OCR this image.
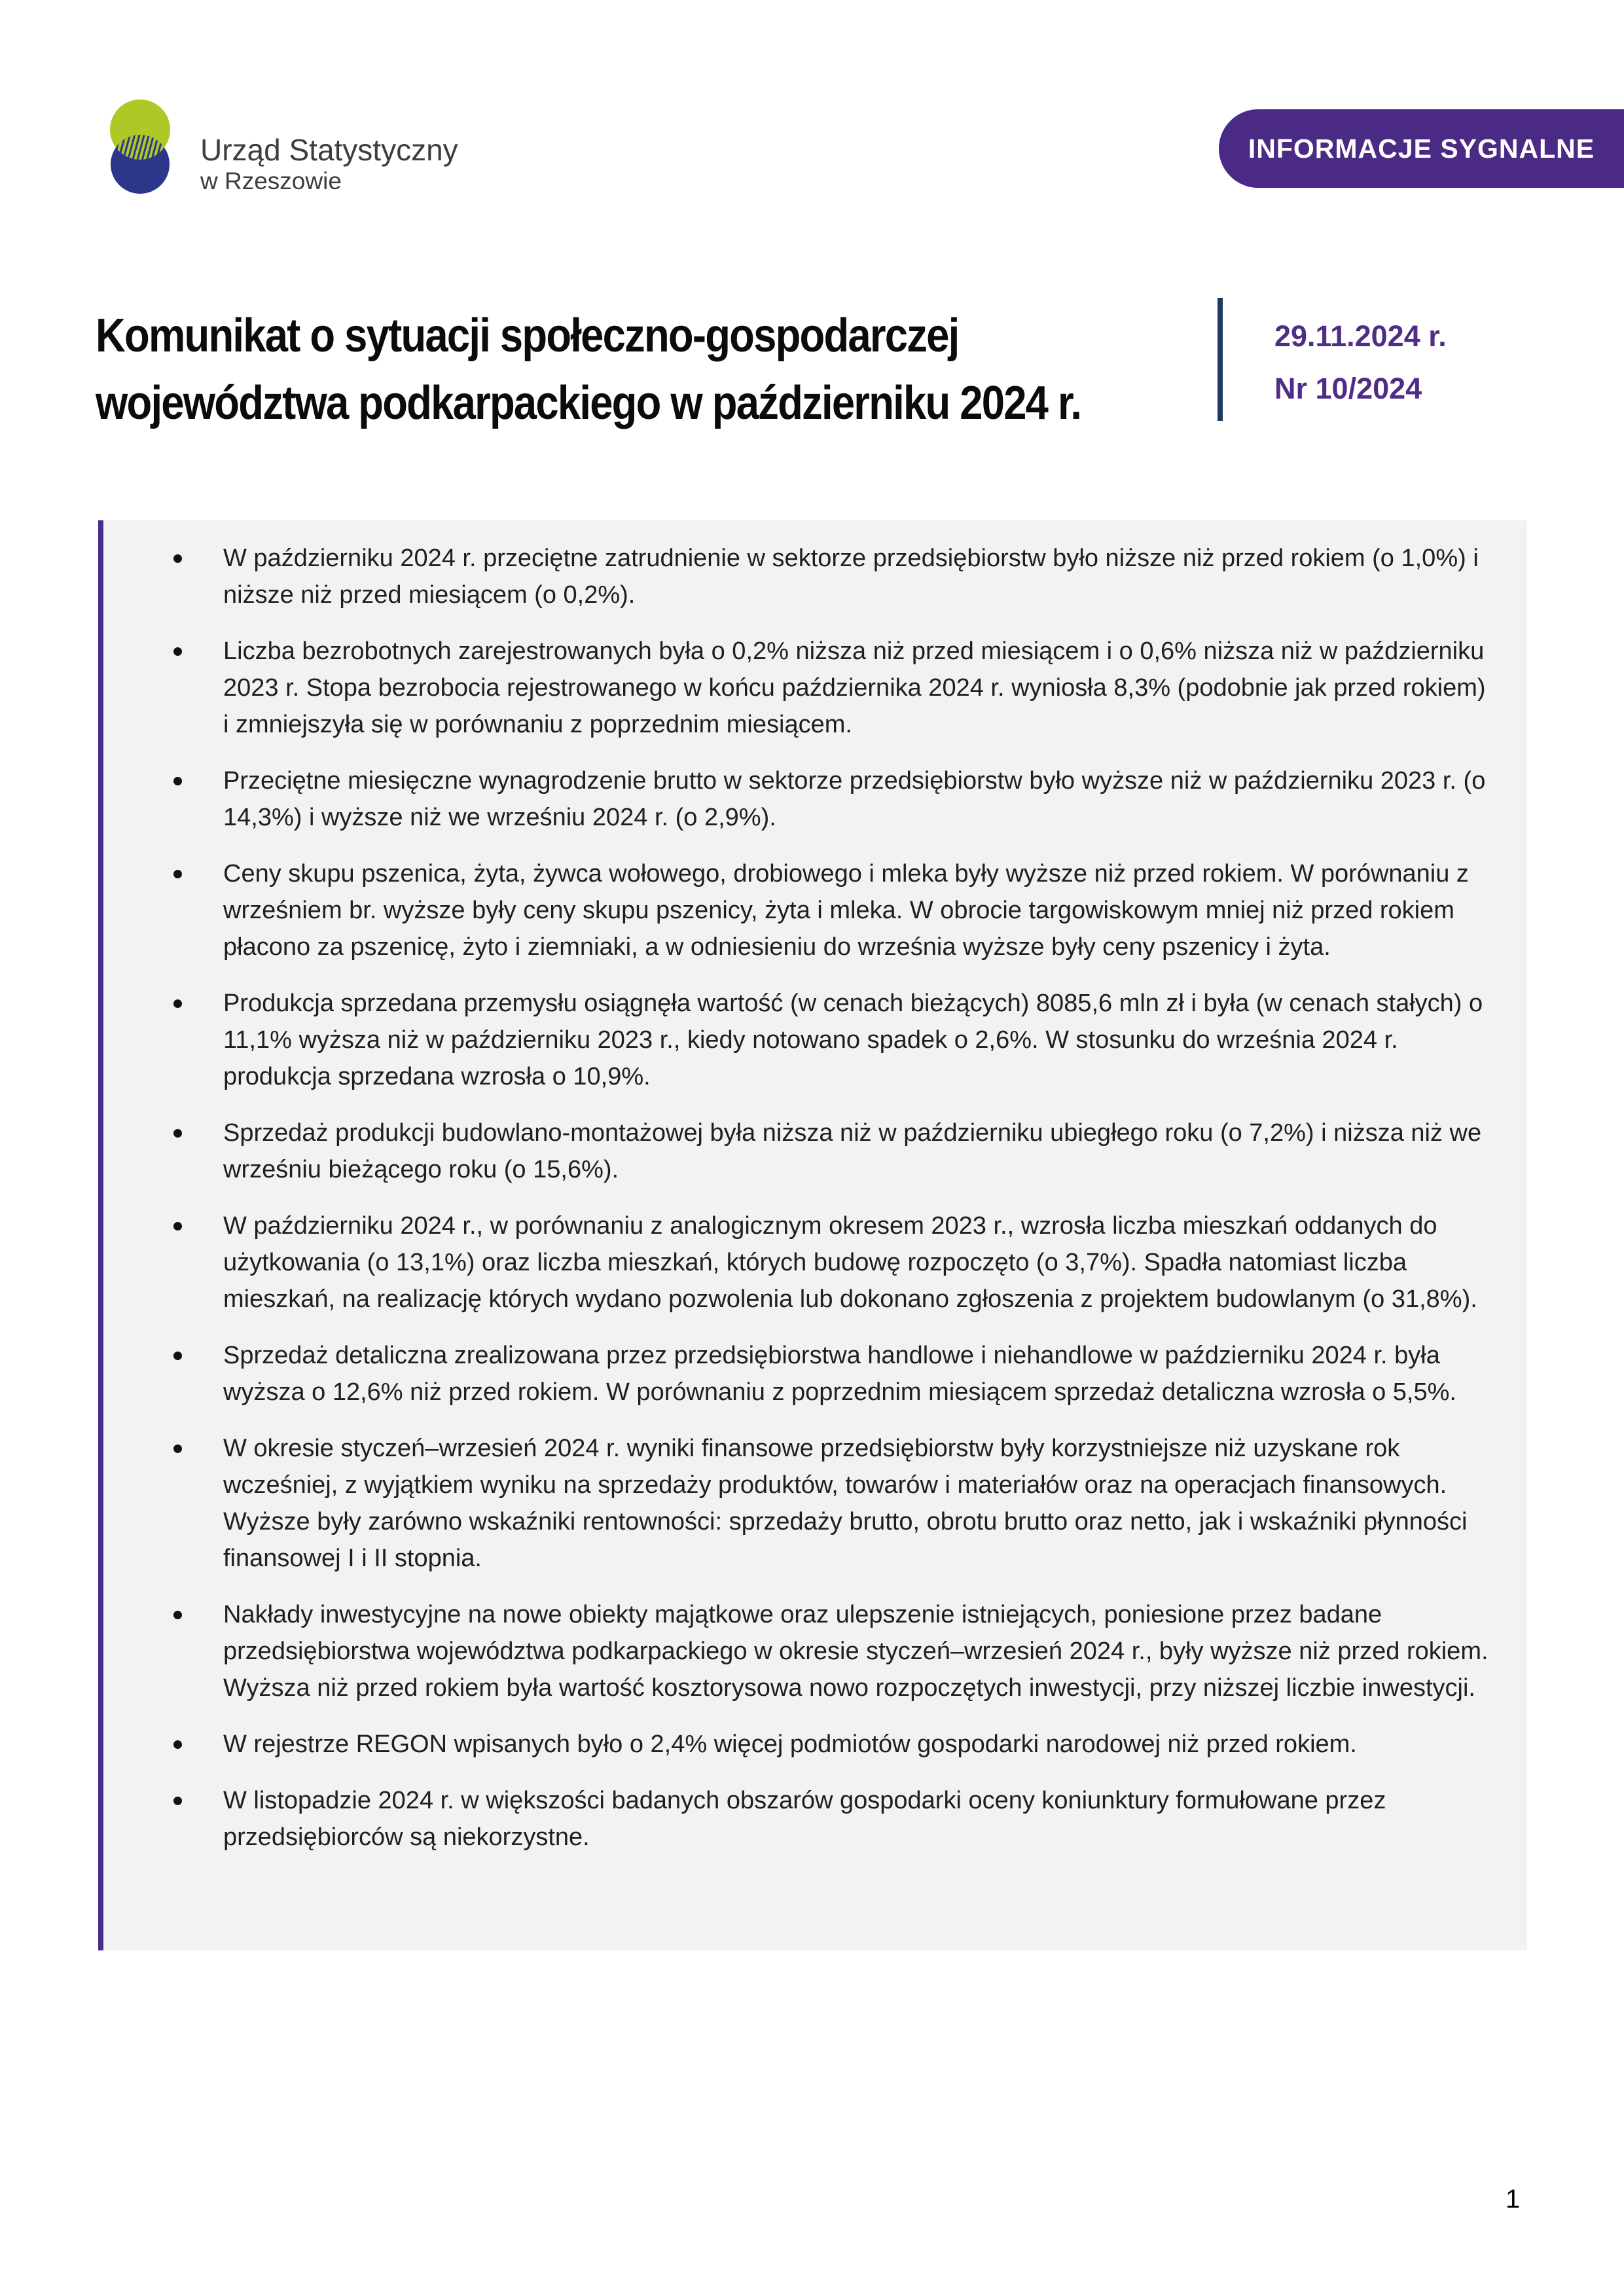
Urząd Statystyczny
w Rzeszowie
INFORMACJE SYGNALNE
Komunikat o sytuacji społeczno-gospodarczej województwa podkarpackiego w październiku 2024 r.
29.11.2024 r.
Nr 10/2024
W październiku 2024 r. przeciętne zatrudnienie w sektorze przedsiębiorstw było niższe niż przed rokiem (o 1,0%) i niższe niż przed miesiącem (o 0,2%).
Liczba bezrobotnych zarejestrowanych była o 0,2% niższa niż przed miesiącem i o 0,6% niższa niż w październiku 2023 r. Stopa bezrobocia rejestrowanego w końcu października 2024 r. wyniosła 8,3% (podobnie jak przed rokiem) i zmniejszyła się w porównaniu z poprzednim miesiącem.
Przeciętne miesięczne wynagrodzenie brutto w sektorze przedsiębiorstw było wyższe niż w październiku 2023 r. (o 14,3%) i wyższe niż we wrześniu 2024 r. (o 2,9%).
Ceny skupu pszenica, żyta, żywca wołowego, drobiowego i mleka były wyższe niż przed rokiem. W porównaniu z wrześniem br. wyższe były ceny skupu pszenicy, żyta i mleka. W obrocie targowiskowym mniej niż przed rokiem płacono za pszenicę, żyto i ziemniaki, a w odniesieniu do września wyższe były ceny pszenicy i żyta.
Produkcja sprzedana przemysłu osiągnęła wartość (w cenach bieżących) 8085,6 mln zł i była (w cenach stałych) o 11,1% wyższa niż w październiku 2023 r., kiedy notowano spadek o 2,6%. W stosunku do września 2024 r. produkcja sprzedana wzrosła o 10,9%.
Sprzedaż produkcji budowlano-montażowej była niższa niż w październiku ubiegłego roku (o 7,2%) i niższa niż we wrześniu bieżącego roku (o 15,6%).
W październiku 2024 r., w porównaniu z analogicznym okresem 2023 r., wzrosła liczba mieszkań oddanych do użytkowania (o 13,1%) oraz liczba mieszkań, których budowę rozpoczęto (o 3,7%). Spadła natomiast liczba mieszkań, na realizację których wydano pozwolenia lub dokonano zgłoszenia z projektem budowlanym (o 31,8%).
Sprzedaż detaliczna zrealizowana przez przedsiębiorstwa handlowe i niehandlowe w październiku 2024 r. była wyższa o 12,6% niż przed rokiem. W porównaniu z poprzednim miesiącem sprzedaż detaliczna wzrosła o 5,5%.
W okresie styczeń–wrzesień 2024 r. wyniki finansowe przedsiębiorstw były korzystniejsze niż uzyskane rok wcześniej, z wyjątkiem wyniku na sprzedaży produktów, towarów i materiałów oraz na operacjach finansowych. Wyższe były zarówno wskaźniki rentowności: sprzedaży brutto, obrotu brutto oraz netto, jak i wskaźniki płynności finansowej I i II stopnia.
Nakłady inwestycyjne na nowe obiekty majątkowe oraz ulepszenie istniejących, poniesione przez badane przedsiębiorstwa województwa podkarpackiego w okresie styczeń–wrzesień 2024 r., były wyższe niż przed rokiem. Wyższa niż przed rokiem była wartość kosztorysowa nowo rozpoczętych inwestycji, przy niższej liczbie inwestycji.
W rejestrze REGON wpisanych było o 2,4% więcej podmiotów gospodarki narodowej niż przed rokiem.
W listopadzie 2024 r. w większości badanych obszarów gospodarki oceny koniunktury formułowane przez przedsiębiorców są niekorzystne.
1
